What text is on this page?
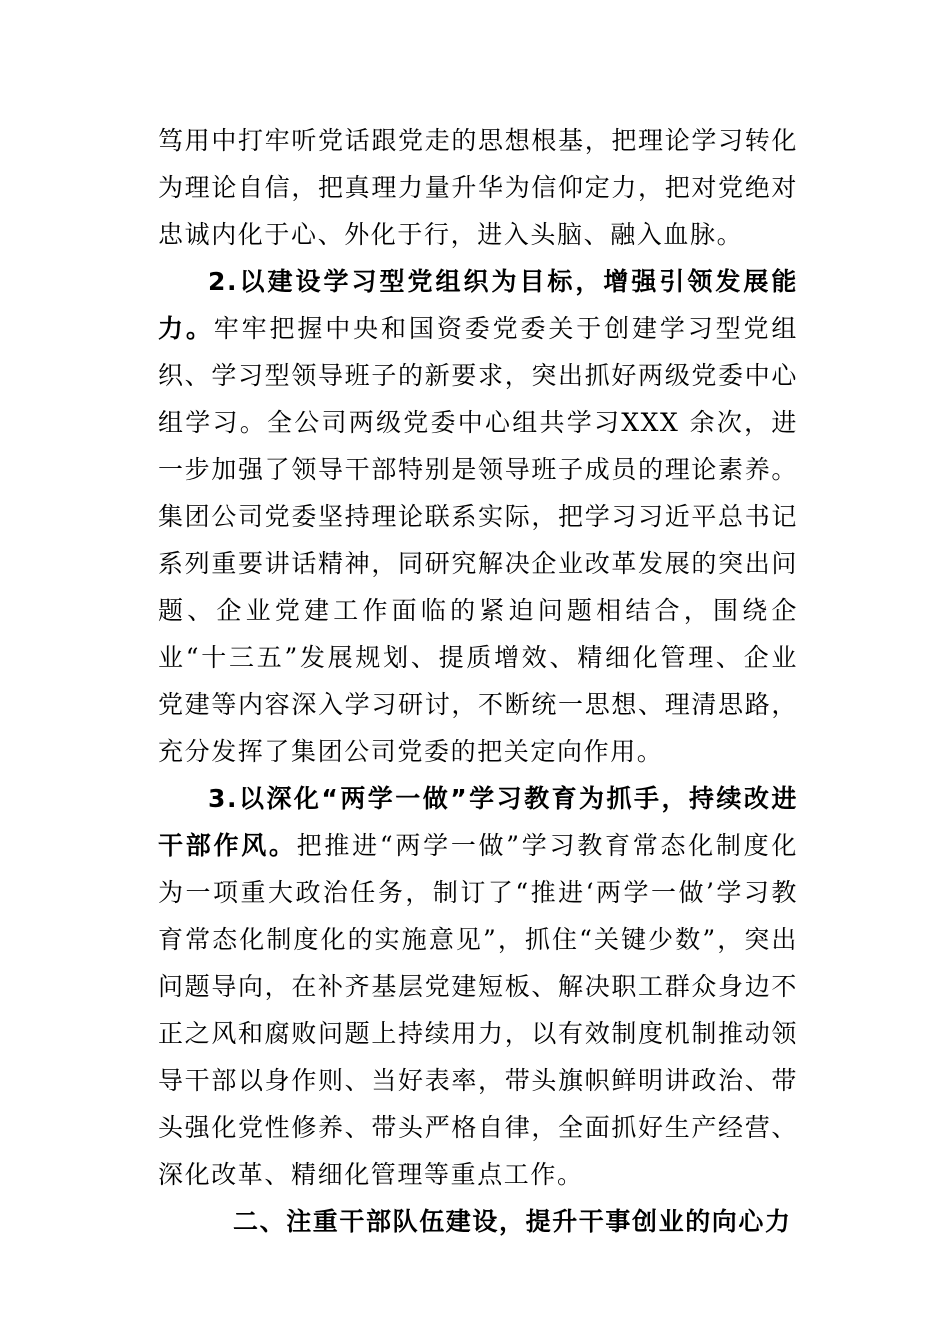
笃用中打牢听党话跟党走的思想根基，把理论学习转化为理论自信，把真理力量升华为信仰定力，把对党绝对忠诚内化于心、外化于行，进入头脑、融入血脉。

2.以建设学习型党组织为目标，增强引领发展能力。牢牢把握中央和国资委党委关于创建学习型党组织、学习型领导班子的新要求，突出抓好两级党委中心组学习。全公司两级党委中心组共学习XXX 余次，进一步加强了领导干部特别是领导班子成员的理论素养。集团公司党委坚持理论联系实际，把学习习近平总书记系列重要讲话精神，同研究解决企业改革发展的突出问题、企业党建工作面临的紧迫问题相结合，围绕企业“十三五”发展规划、提质增效、精细化管理、企业党建等内容深入学习研讨，不断统一思想、理清思路，充分发挥了集团公司党委的把关定向作用。

3.以深化“两学一做”学习教育为抓手，持续改进干部作风。把推进“两学一做”学习教育常态化制度化为一项重大政治任务，制订了“推进‘两学一做’学习教育常态化制度化的实施意见”，抓住“关键少数”，突出问题导向，在补齐基层党建短板、解决职工群众身边不正之风和腐败问题上持续用力，以有效制度机制推动领导干部以身作则、当好表率，带头旗帜鲜明讲政治、带头强化党性修养、带头严格自律，全面抓好生产经营、深化改革、精细化管理等重点工作。

二、注重干部队伍建设，提升干事创业的向心力
